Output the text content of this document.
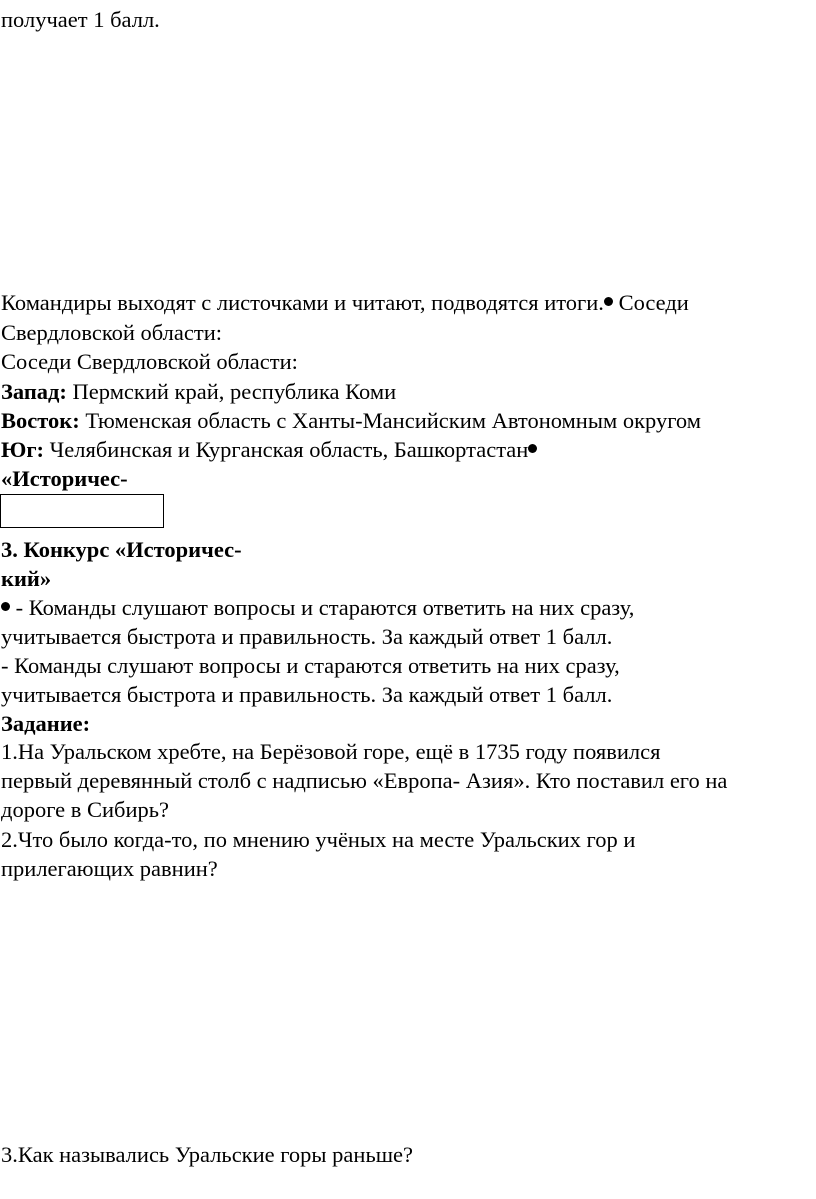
получает 1 балл.
Командиры выходят с листочками и читают, подводятся итоги. Соседи
Свердловской области:
Соседи Свердловской области:
Запад: Пермский край, республика Коми
Восток: Тюменская область с Ханты-Мансийским Автономным округом
Юг: Челябинская и Курганская область, Башкортастан
«Историчес-
3. Конкурс «Историчес-
кий»
- Команды слушают вопросы и стараются ответить на них сразу,
учитывается быстрота и правильность. За каждый ответ 1 балл.
- Команды слушают вопросы и стараются ответить на них сразу,
учитывается быстрота и правильность. За каждый ответ 1 балл.
Задание:
1.На Уральском хребте, на Берёзовой горе, ещё в 1735 году появился
первый деревянный столб с надписью «Европа- Азия». Кто поставил его на
дороге в Сибирь?
2.Что было когда-то, по мнению учёных на месте Уральских гор и
прилегающих равнин?
3.Как назывались Уральские горы раньше?
